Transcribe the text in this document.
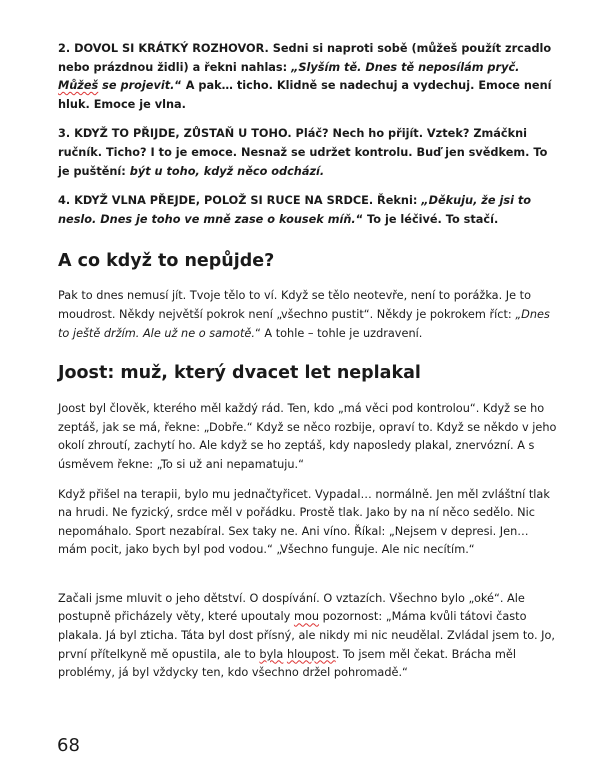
2. DOVOL SI KRÁTKÝ ROZHOVOR. Sedni si naproti sobě (můžeš použít zrcadlo nebo prázdnou židli) a řekni nahlas: „Slyším tě. Dnes tě neposílám pryč. Můžeš se projevit.“ A pak… ticho. Klidně se nadechuj a vydechuj. Emoce není hluk. Emoce je vlna.

3. KDYŽ TO PŘIJDE, ZŮSTAŇ U TOHO. Pláč? Nech ho přijít. Vztek? Zmáčkni ručník. Ticho? I to je emoce. Nesnaž se udržet kontrolu. Buď jen svědkem. To je puštění: být u toho, když něco odchází.

4. KDYŽ VLNA PŘEJDE, POLOŽ SI RUCE NA SRDCE. Řekni: „Děkuju, že jsi to neslo. Dnes je toho ve mně zase o kousek míň.“ To je léčivé. To stačí.

A co když to nepůjde?

Pak to dnes nemusí jít. Tvoje tělo to ví. Když se tělo neotevře, není to porážka. Je to moudrost. Někdy největší pokrok není „všechno pustit“. Někdy je pokrokem říct: „Dnes to ještě držím. Ale už ne o samotě.“ A tohle – tohle je uzdravení.

Joost: muž, který dvacet let neplakal

Joost byl člověk, kterého měl každý rád. Ten, kdo „má věci pod kontrolou“. Když se ho zeptáš, jak se má, řekne: „Dobře.“ Když se něco rozbije, opraví to. Když se někdo v jeho okolí zhroutí, zachytí ho. Ale když se ho zeptáš, kdy naposledy plakal, znervózní. A s úsměvem řekne: „To si už ani nepamatuju.“

Když přišel na terapii, bylo mu jednačtyřicet. Vypadal… normálně. Jen měl zvláštní tlak na hrudi. Ne fyzický, srdce měl v pořádku. Prostě tlak. Jako by na ní něco sedělo. Nic nepomáhalo. Sport nezabíral. Sex taky ne. Ani víno. Říkal: „Nejsem v depresi. Jen… mám pocit, jako bych byl pod vodou.“ „Všechno funguje. Ale nic necítím.“

Začali jsme mluvit o jeho dětství. O dospívání. O vztazích. Všechno bylo „oké“. Ale postupně přicházely věty, které upoutaly mou pozornost: „Máma kvůli tátovi často plakala. Já byl zticha. Táta byl dost přísný, ale nikdy mi nic neudělal. Zvládal jsem to. Jo, první přítelkyně mě opustila, ale to byla hloupost. To jsem měl čekat. Brácha měl problémy, já byl vždycky ten, kdo všechno držel pohromadě.“

68
